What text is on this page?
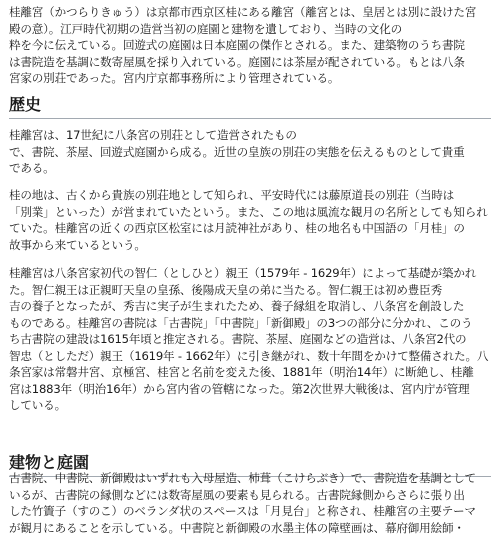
桂離宮（かつらりきゅう）は京都市西京区桂にある離宮（離宮とは、皇居とは別に設けた宮
殿の意）。江戸時代初期の造営当初の庭園と建物を遺しており、当時の文化の
粋を今に伝えている。回遊式の庭園は日本庭園の傑作とされる。また、建築物のうち書院
は書院造を基調に数寄屋風を採り入れている。庭園には茶屋が配されている。もとは八条
宮家の別荘であった。宮内庁京都事務所により管理されている。
歴史
桂離宮は、17世紀に八条宮の別荘として造営されたもの
で、書院、茶屋、回遊式庭園から成る。近世の皇族の別荘の実態を伝えるものとして貴重
である。
桂の地は、古くから貴族の別荘地として知られ、平安時代には藤原道長の別荘（当時は
「別業」といった）が営まれていたという。また、この地は風流な観月の名所としても知られ
ていた。桂離宮の近くの西京区松室には月読神社があり、桂の地名も中国語の「月桂」の
故事から来ているという。
桂離宮は八条宮家初代の智仁（としひと）親王（1579年 - 1629年）によって基礎が築かれ
た。智仁親王は正親町天皇の皇孫、後陽成天皇の弟に当たる。智仁親王は初め豊臣秀
吉の養子となったが、秀吉に実子が生まれたため、養子縁組を取消し、八条宮を創設した
ものである。桂離宮の書院は「古書院」「中書院」「新御殿」の3つの部分に分かれ、このう
ち古書院の建設は1615年頃と推定される。書院、茶屋、庭園などの造営は、八条宮2代の
智忠（としただ）親王（1619年 - 1662年）に引き継がれ、数十年間をかけて整備された。八
条宮家は常磐井宮、京極宮、桂宮と名前を変えた後、1881年（明治14年）に断絶し、桂離
宮は1883年（明治16年）から宮内省の管轄になった。第2次世界大戦後は、宮内庁が管理
している。
建物と庭園
古書院、中書院、新御殿はいずれも入母屋造、杮葺（こけらぶき）で、書院造を基調として
いるが、古書院の縁側などには数寄屋風の要素も見られる。古書院縁側からさらに張り出
した竹簀子（すのこ）のベランダ状のスペースは「月見台」と称され、桂離宮の主要テーマ
が観月にあることを示している。中書院と新御殿の水墨主体の障壁画は、幕府御用絵師・
